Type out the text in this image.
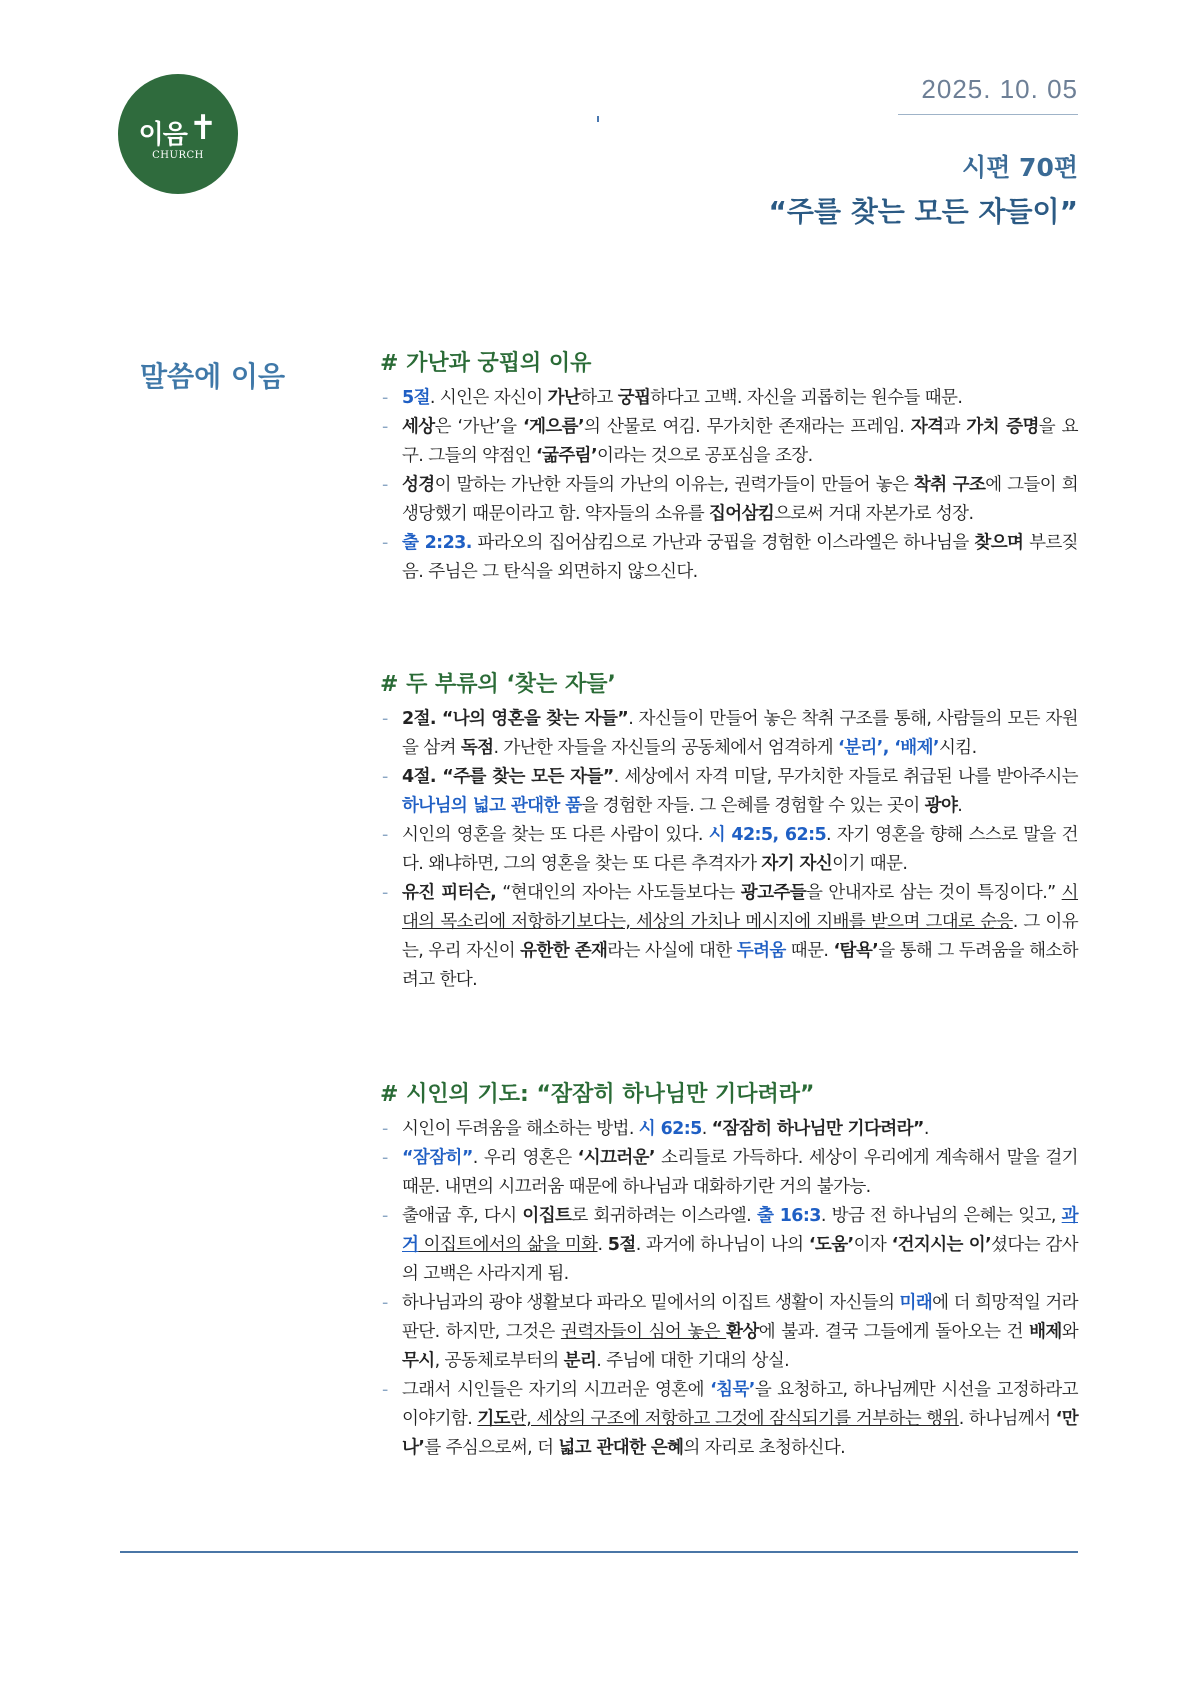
이음 ✝
CHURCH
2025. 10. 05
시편 70편
“주를 찾는 모든 자들이”
말씀에 이음	# 가난과 궁핍의 이유
- 5절. 시인은 자신이 가난하고 궁핍하다고 고백. 자신을 괴롭히는 원수들 때문.
- 세상은 ‘가난’을 ‘게으름’의 산물로 여김. 무가치한 존재라는 프레임. 자격과 가치 증명을 요구. 그들의 약점인 ‘굶주림’이라는 것으로 공포심을 조장.
- 성경이 말하는 가난한 자들의 가난의 이유는, 권력가들이 만들어 놓은 착취 구조에 그들이 희생당했기 때문이라고 함. 약자들의 소유를 집어삼킴으로써 거대 자본가로 성장.
- 출 2:23. 파라오의 집어삼킴으로 가난과 궁핍을 경험한 이스라엘은 하나님을 찾으며 부르짖음. 주님은 그 탄식을 외면하지 않으신다.
# 두 부류의 ‘찾는 자들’
- 2절. “나의 영혼을 찾는 자들”. 자신들이 만들어 놓은 착취 구조를 통해, 사람들의 모든 자원을 삼켜 독점. 가난한 자들을 자신들의 공동체에서 엄격하게 ‘분리’, ‘배제’시킴.
- 4절. “주를 찾는 모든 자들”. 세상에서 자격 미달, 무가치한 자들로 취급된 나를 받아주시는 하나님의 넓고 관대한 품을 경험한 자들. 그 은혜를 경험할 수 있는 곳이 광야.
- 시인의 영혼을 찾는 또 다른 사람이 있다. 시 42:5, 62:5. 자기 영혼을 향해 스스로 말을 건다. 왜냐하면, 그의 영혼을 찾는 또 다른 추격자가 자기 자신이기 때문.
- 유진 피터슨, “현대인의 자아는 사도들보다는 광고주들을 안내자로 삼는 것이 특징이다.” 시대의 목소리에 저항하기보다는, 세상의 가치나 메시지에 지배를 받으며 그대로 순응. 그 이유는, 우리 자신이 유한한 존재라는 사실에 대한 두려움 때문. ‘탐욕’을 통해 그 두려움을 해소하려고 한다.
# 시인의 기도: “잠잠히 하나님만 기다려라”
- 시인이 두려움을 해소하는 방법. 시 62:5. “잠잠히 하나님만 기다려라”.
- “잠잠히”. 우리 영혼은 ‘시끄러운’ 소리들로 가득하다. 세상이 우리에게 계속해서 말을 걸기 때문. 내면의 시끄러움 때문에 하나님과 대화하기란 거의 불가능.
- 출애굽 후, 다시 이집트로 회귀하려는 이스라엘. 출 16:3. 방금 전 하나님의 은혜는 잊고, 과거 이집트에서의 삶을 미화. 5절. 과거에 하나님이 나의 ‘도움’이자 ‘건지시는 이’셨다는 감사의 고백은 사라지게 됨.
- 하나님과의 광야 생활보다 파라오 밑에서의 이집트 생활이 자신들의 미래에 더 희망적일 거라 판단. 하지만, 그것은 권력자들이 심어 놓은 환상에 불과. 결국 그들에게 돌아오는 건 배제와 무시, 공동체로부터의 분리. 주님에 대한 기대의 상실.
- 그래서 시인들은 자기의 시끄러운 영혼에 ‘침묵’을 요청하고, 하나님께만 시선을 고정하라고 이야기함. 기도란, 세상의 구조에 저항하고 그것에 잠식되기를 거부하는 행위. 하나님께서 ‘만나’를 주심으로써, 더 넓고 관대한 은혜의 자리로 초청하신다.
